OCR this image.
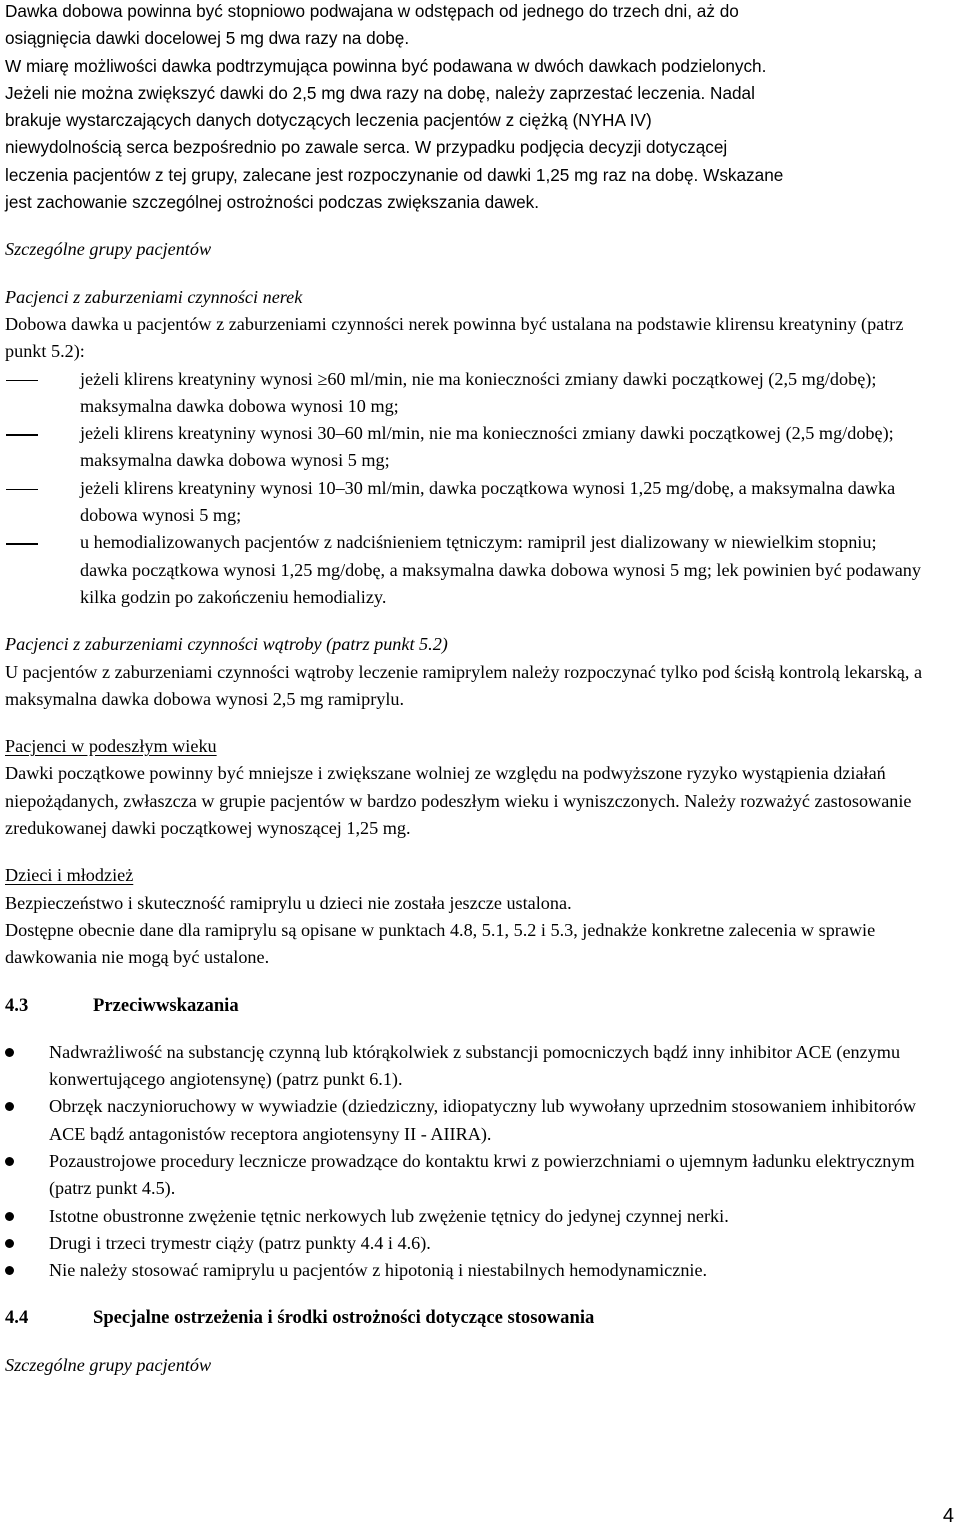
Dawka dobowa powinna być stopniowo podwajana w odstępach od jednego do trzech dni, aż do
osiągnięcia dawki docelowej 5 mg dwa razy na dobę.
W miarę możliwości dawka podtrzymująca powinna być podawana w dwóch dawkach podzielonych.
Jeżeli nie można zwiększyć dawki do 2,5 mg dwa razy na dobę, należy zaprzestać leczenia. Nadal
brakuje wystarczających danych dotyczących leczenia pacjentów z ciężką (NYHA IV)
niewydolnością serca bezpośrednio po zawale serca. W przypadku podjęcia decyzji dotyczącej
leczenia pacjentów z tej grupy, zalecane jest rozpoczynanie od dawki 1,25 mg raz na dobę. Wskazane
jest zachowanie szczególnej ostrożności podczas zwiększania dawek.

Szczególne grupy pacjentów

Pacjenci z zaburzeniami czynności nerek

Dobowa dawka u pacjentów z zaburzeniami czynności nerek powinna być ustalana na podstawie klirensu kreatyniny (patrz punkt 5.2):

jeżeli klirens kreatyniny wynosi ≥60 ml/min, nie ma konieczności zmiany dawki początkowej (2,5 mg/dobę); maksymalna dawka dobowa wynosi 10 mg;
jeżeli klirens kreatyniny wynosi 30–60 ml/min, nie ma konieczności zmiany dawki początkowej (2,5 mg/dobę); maksymalna dawka dobowa wynosi 5 mg;
jeżeli klirens kreatyniny wynosi 10–30 ml/min, dawka początkowa wynosi 1,25 mg/dobę, a maksymalna dawka dobowa wynosi 5 mg;
u hemodializowanych pacjentów z nadciśnieniem tętniczym: ramipril jest dializowany w niewielkim stopniu; dawka początkowa wynosi 1,25 mg/dobę, a maksymalna dawka dobowa wynosi 5 mg; lek powinien być podawany kilka godzin po zakończeniu hemodializy.

Pacjenci z zaburzeniami czynności wątroby (patrz punkt 5.2)

U pacjentów z zaburzeniami czynności wątroby leczenie ramiprylem należy rozpoczynać tylko pod ścisłą kontrolą lekarską, a maksymalna dawka dobowa wynosi 2,5 mg ramiprylu.

Pacjenci w podeszłym wieku

Dawki początkowe powinny być mniejsze i zwiększane wolniej ze względu na podwyższone ryzyko wystąpienia działań niepożądanych, zwłaszcza w grupie pacjentów w bardzo podeszłym wieku i wyniszczonych. Należy rozważyć zastosowanie zredukowanej dawki początkowej wynoszącej 1,25 mg.

Dzieci i młodzież

Bezpieczeństwo i skuteczność ramiprylu u dzieci nie została jeszcze ustalona.

Dostępne obecnie dane dla ramiprylu są opisane w punktach 4.8, 5.1, 5.2 i 5.3, jednakże konkretne zalecenia w sprawie dawkowania nie mogą być ustalone.

4.3	Przeciwwskazania
Nadwrażliwość na substancję czynną lub którąkolwiek z substancji pomocniczych bądź inny inhibitor ACE (enzymu konwertującego angiotensynę) (patrz punkt 6.1).
Obrzęk naczynioruchowy w wywiadzie (dziedziczny, idiopatyczny lub wywołany uprzednim stosowaniem inhibitorów ACE bądź antagonistów receptora angiotensyny II - AIIRA).
Pozaustrojowe procedury lecznicze prowadzące do kontaktu krwi z powierzchniami o ujemnym ładunku elektrycznym (patrz punkt 4.5).
Istotne obustronne zwężenie tętnic nerkowych lub zwężenie tętnicy do jedynej czynnej nerki.
Drugi i trzeci trymestr ciąży (patrz punkty 4.4 i 4.6).
Nie należy stosować ramiprylu u pacjentów z hipotonią i niestabilnych hemodynamicznie.
4.4	Specjalne ostrzeżenia i środki ostrożności dotyczące stosowania

Szczególne grupy pacjentów

4
